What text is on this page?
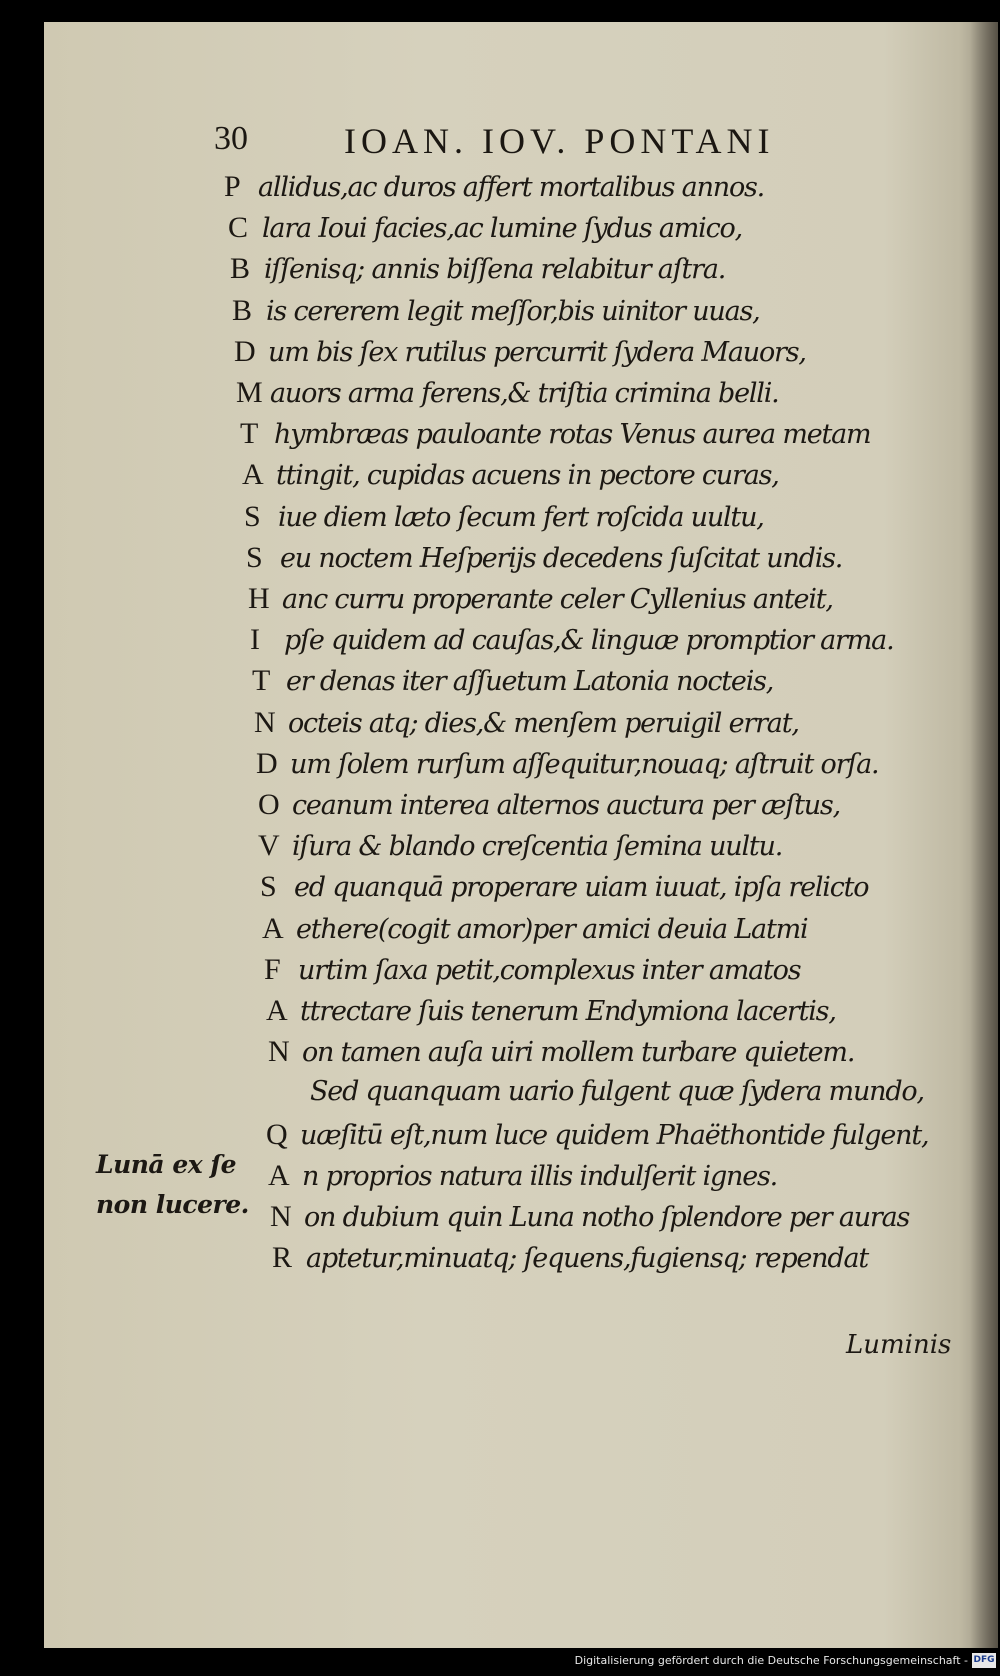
30	IOAN. IOV. PONTANI
P allidus,ac duros affert mortalibus annos.
C lara Ioui facies,ac lumine ſydus amico,
B iſſenisq; annis biſſena relabitur aſtra.
B is cererem legit meſſor,bis uinitor uuas,
D um bis ſex rutilus percurrit ſydera Mauors,
M auors arma ferens,& triſtia crimina belli.
T hymbræas pauloante rotas Venus aurea metam
A ttingit, cupidas acuens in pectore curas,
S iue diem læto ſecum fert roſcida uultu,
S eu noctem Heſperijs decedens ſuſcitat undis.
H anc curru properante celer Cyllenius anteit,
I pſe quidem ad cauſas,& linguæ promptior arma.
T er denas iter aſſuetum Latonia nocteis,
N octeis atq; dies,& menſem peruigil errat,
D um ſolem rurſum aſſequitur,nouaq; aſtruit orſa.
O ceanum interea alternos auctura per æſtus,
V iſura & blando creſcentia ſemina uultu.
S ed quanquā properare uiam iuuat, ipſa relicto
A ethere(cogit amor)per amici deuia Latmi
F urtim ſaxa petit,complexus inter amatos
A ttrectare ſuis tenerum Endymiona lacertis,
N on tamen auſa uiri mollem turbare quietem.
Sed quanquam uario fulgent quæ ſydera mundo,
Q uæſitū eſt,num luce quidem Phaëthontide fulgent,
A n proprios natura illis indulſerit ignes.
N on dubium quin Luna notho ſplendore per auras
R aptetur,minuatq; ſequens,fugiensq; rependat
Lunā ex ſe
non lucere.
Luminis
Digitalisierung gefördert durch die Deutsche Forschungsgemeinschaft - DFG
